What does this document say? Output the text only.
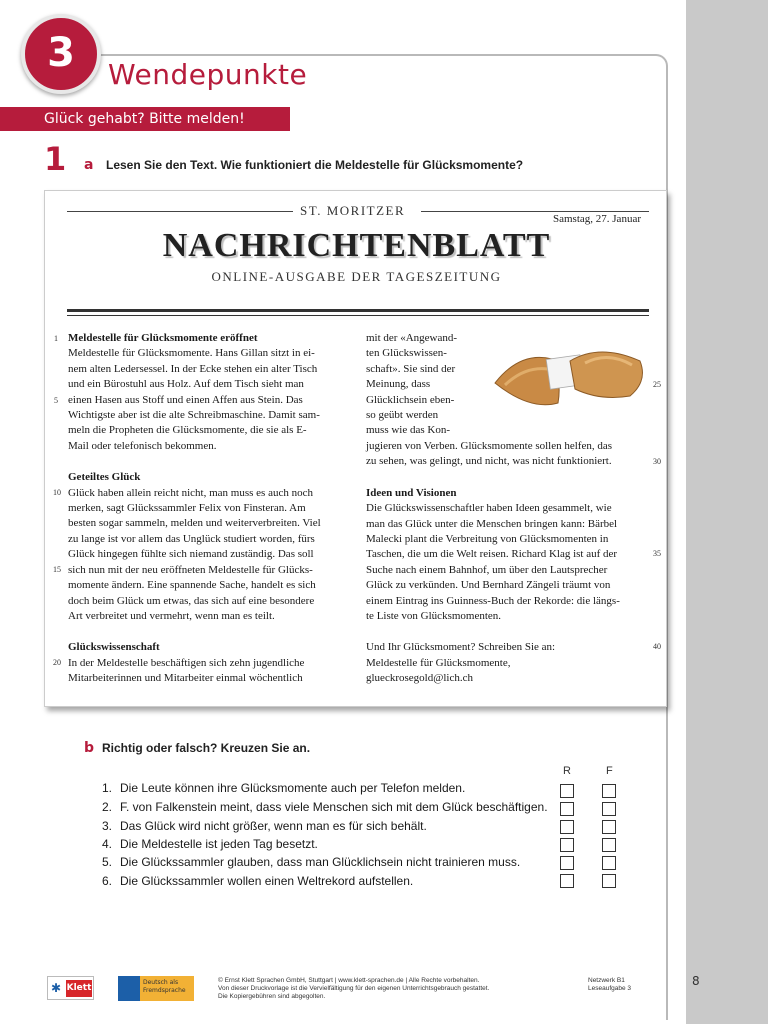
8
3	Wendepunkte
Glück gehabt? Bitte melden!
1 a Lesen Sie den Text. Wie funktioniert die Meldestelle für Glücksmomente?
ST. MORITZER
Samstag, 27. Januar
NACHRICHTENBLATT
ONLINE-AUSGABE DER TAGESZEITUNG

Meldestelle für Glücksmomente eröffnet

Meldestelle für Glücksmomente. Hans Gillan sitzt in ei-

nem alten Ledersessel. In der Ecke stehen ein alter Tisch

und ein Bürostuhl aus Holz. Auf dem Tisch sieht man

einen Hasen aus Stoff und einen Affen aus Stein. Das

Wichtigste aber ist die alte Schreibmaschine. Damit sam-

meln die Propheten die Glücksmomente, die sie als E-

Mail oder telefonisch bekommen.

Geteiltes Glück

Glück haben allein reicht nicht, man muss es auch noch

merken, sagt Glückssammler Felix von Finsteran. Am

besten sogar sammeln, melden und weiterverbreiten. Viel

zu lange ist vor allem das Unglück studiert worden, fürs

Glück hingegen fühlte sich niemand zuständig. Das soll

sich nun mit der neu eröffneten Meldestelle für Glücks-

momente ändern. Eine spannende Sache, handelt es sich

doch beim Glück um etwas, das sich auf eine besondere

Art verbreitet und vermehrt, wenn man es teilt.

Glückswissenschaft

In der Meldestelle beschäftigen sich zehn jugendliche

Mitarbeiterinnen und Mitarbeiter einmal wöchentlich

mit der «Angewand-

ten Glückswissen-

schaft». Sie sind der

Meinung, dass

Glücklichsein eben-

so geübt werden

muss wie das Kon-

jugieren von Verben. Glücksmomente sollen helfen, das

zu sehen, was gelingt, und nicht, was nicht funktioniert.

Ideen und Visionen

Die Glückswissenschaftler haben Ideen gesammelt, wie

man das Glück unter die Menschen bringen kann: Bärbel

Malecki plant die Verbreitung von Glücksmomenten in

Taschen, die um die Welt reisen. Richard Klag ist auf der

Suche nach einem Bahnhof, um über den Lautsprecher

Glück zu verkünden. Und Bernhard Zängeli träumt von

einem Eintrag ins Guinness-Buch der Rekorde: die längs-

te Liste von Glücksmomenten.

Und Ihr Glücksmoment? Schreiben Sie an:

Meldestelle für Glücksmomente,

glueckrosegold@lich.ch

1
5
10
15
20
25
30
35
40
b Richtig oder falsch? Kreuzen Sie an.
R	F
1. Die Leute können ihre Glücksmomente auch per Telefon melden.
2. F. von Falkenstein meint, dass viele Menschen sich mit dem Glück beschäftigen.
3. Das Glück wird nicht größer, wenn man es für sich behält.
4. Die Meldestelle ist jeden Tag besetzt.
5. Die Glückssammler glauben, dass man Glücklichsein nicht trainieren muss.
6. Die Glückssammler wollen einen Weltrekord aufstellen.
✱ Klett
Deutsch als Fremdsprache
© Ernst Klett Sprachen GmbH, Stuttgart | www.klett-sprachen.de | Alle Rechte vorbehalten.
Von dieser Druckvorlage ist die Vervielfältigung für den eigenen Unterrichtsgebrauch gestattet.
Die Kopiergebühren sind abgegolten.
Netzwerk B1
Leseaufgabe 3
